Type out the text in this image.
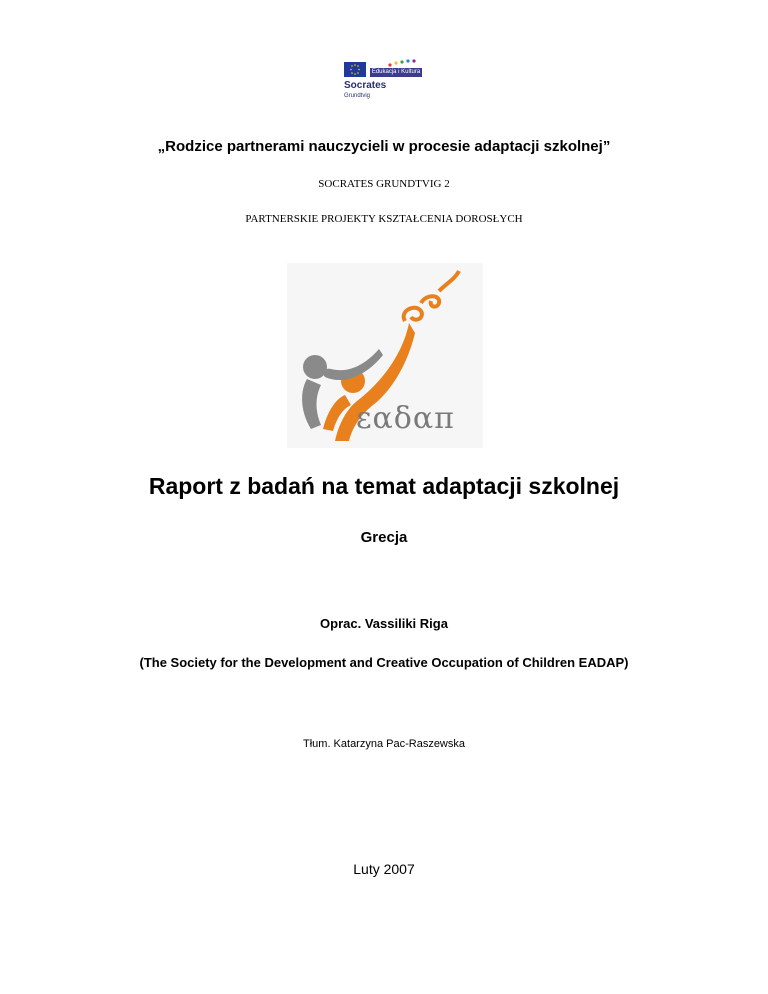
Edukacja i Kultura
Socrates
Grundtvig
„Rodzice partnerami nauczycieli w procesie adaptacji szkolnej”
SOCRATES GRUNDTVIG 2
PARTNERSKIE PROJEKTY KSZTAŁCENIA DOROSŁYCH
εαδαπ
Raport z badań na temat adaptacji szkolnej
Grecja
Oprac. Vassiliki Riga
(The Society for the Development and Creative Occupation of Children EADAP)
Tłum. Katarzyna Pac-Raszewska
Luty 2007
